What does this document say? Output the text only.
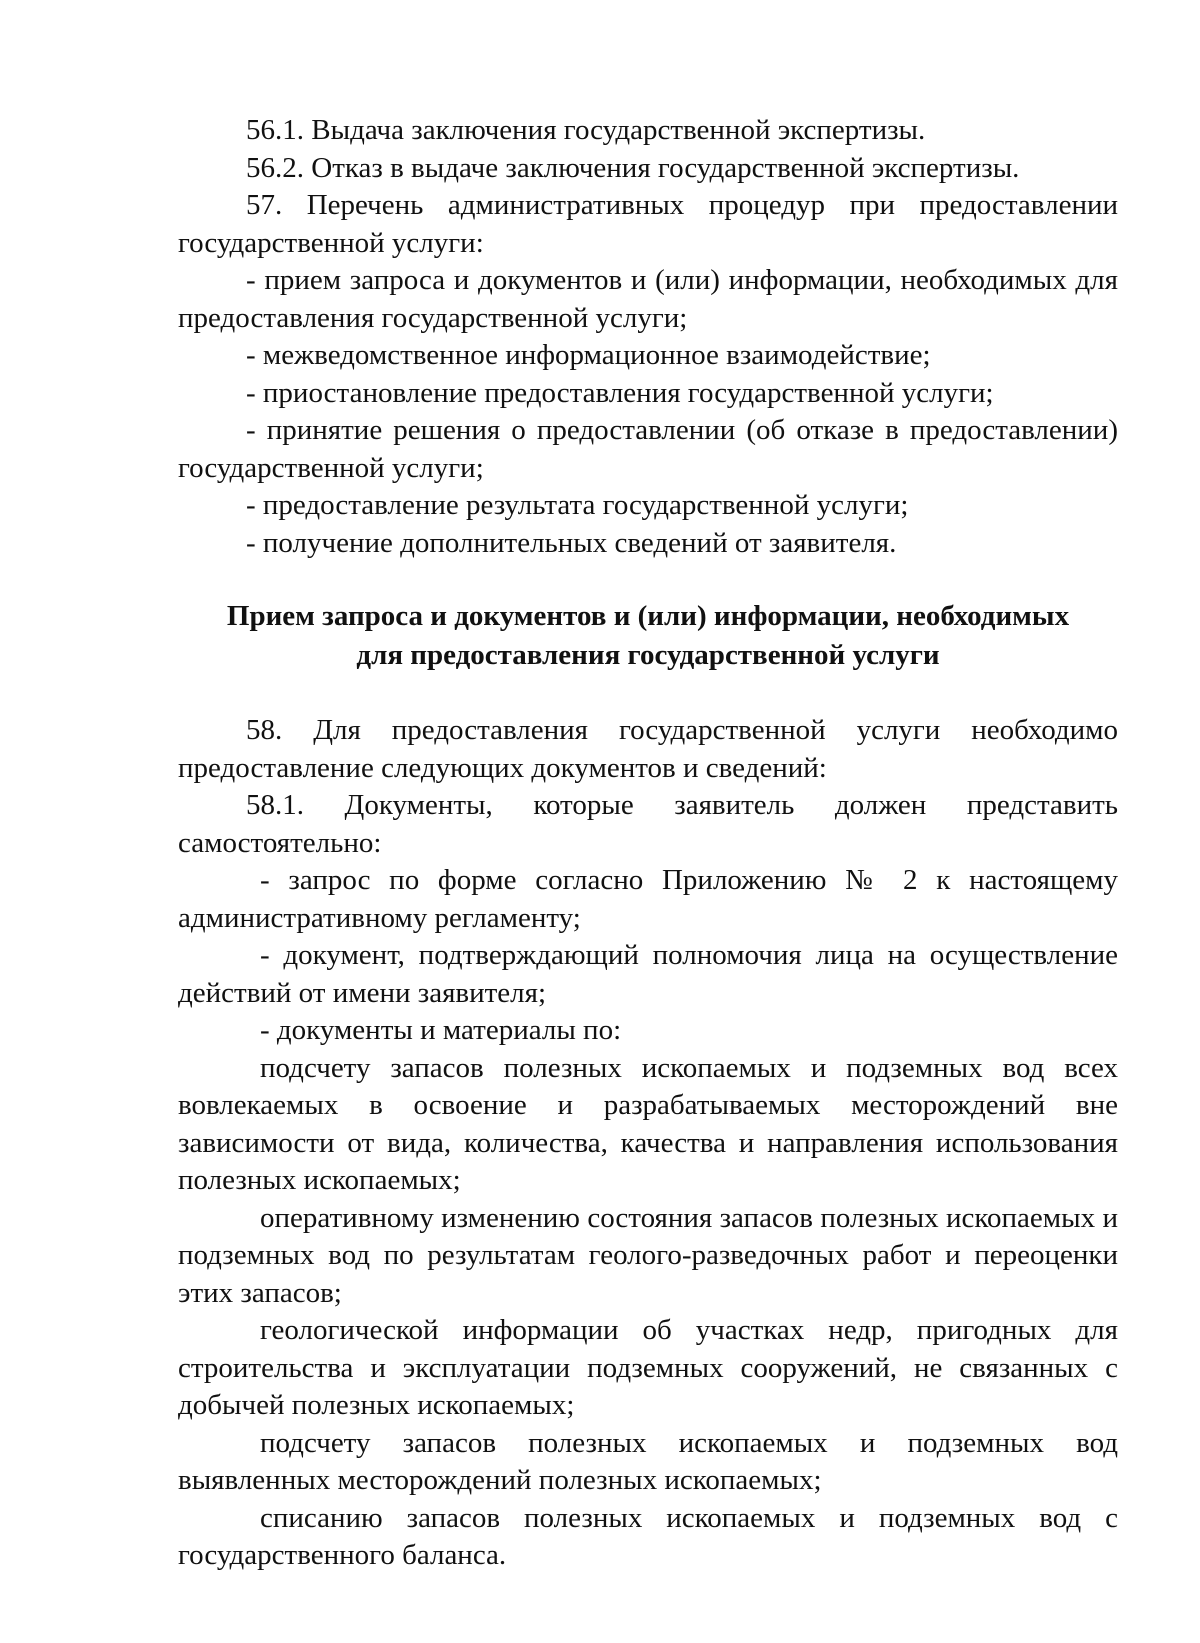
56.1. Выдача заключения государственной экспертизы.

56.2. Отказ в выдаче заключения государственной экспертизы.

57. Перечень административных процедур при предоставлении государственной услуги:

- прием запроса и документов и (или) информации, необходимых для предоставления государственной услуги;

- межведомственное информационное взаимодействие;

- приостановление предоставления государственной услуги;

- принятие решения о предоставлении (об отказе в предоставлении) государственной услуги;

- предоставление результата государственной услуги;

- получение дополнительных сведений от заявителя.

Прием запроса и документов и (или) информации, необходимых
для предоставления государственной услуги

58. Для предоставления государственной услуги необходимо предоставление следующих документов и сведений:

58.1. Документы, которые заявитель должен представить самостоятельно:

- запрос по форме согласно Приложению № 2 к настоящему административному регламенту;

- документ, подтверждающий полномочия лица на осуществление действий от имени заявителя;

- документы и материалы по:

подсчету запасов полезных ископаемых и подземных вод всех вовлекаемых в освоение и разрабатываемых месторождений вне зависимости от вида, количества, качества и направления использования полезных ископаемых;

оперативному изменению состояния запасов полезных ископаемых и подземных вод по результатам геолого-разведочных работ и переоценки этих запасов;

геологической информации об участках недр, пригодных для строительства и эксплуатации подземных сооружений, не связанных с добычей полезных ископаемых;

подсчету запасов полезных ископаемых и подземных вод выявленных месторождений полезных ископаемых;

списанию запасов полезных ископаемых и подземных вод с государственного баланса.
